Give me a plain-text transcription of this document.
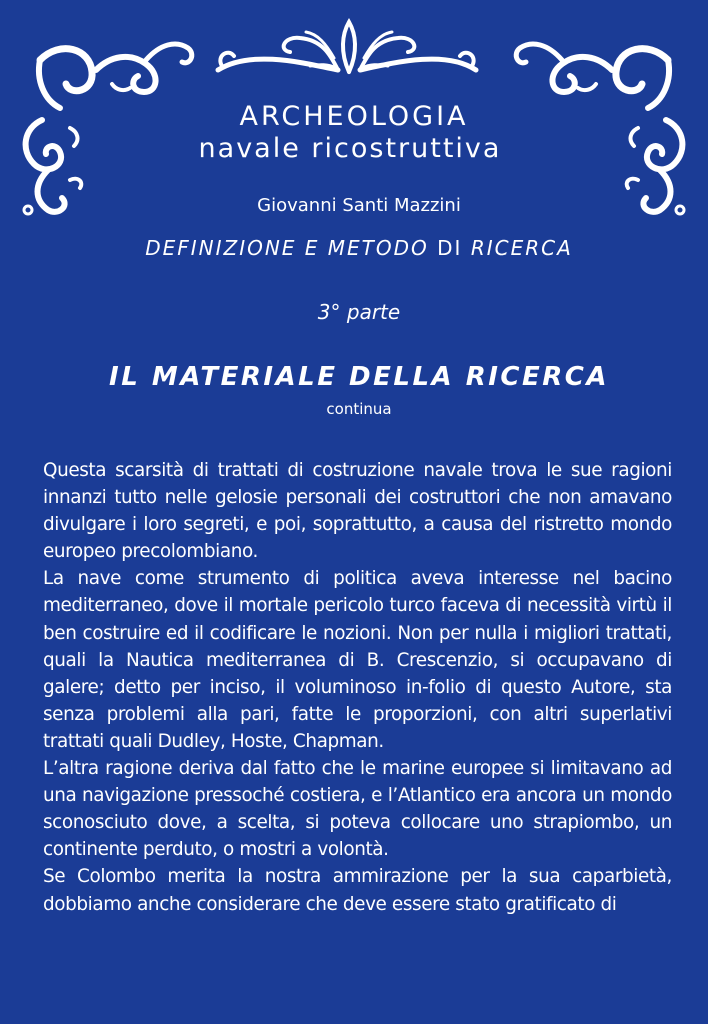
ARCHEOLOGIA
navale ricostruttiva
Giovanni Santi Mazzini
DEFINIZIONE E METODO DI RICERCA
3° parte
IL MATERIALE DELLA RICERCA
continua

Questa scarsità di trattati di costruzione navale trova le sue ragioni innanzi tutto nelle gelosie personali dei costruttori che non amavano divulgare i loro segreti, e poi, soprattutto, a causa del ristretto mondo europeo precolombiano.

La nave come strumento di politica aveva interesse nel bacino mediterraneo, dove il mortale pericolo turco faceva di necessità virtù il ben costruire ed il codificare le nozioni. Non per nulla i migliori trattati, quali la Nautica mediterranea di B. Crescenzio, si occupavano di galere; detto per inciso, il voluminoso in-folio di questo Autore, sta senza problemi alla pari, fatte le proporzioni, con altri superlativi trattati quali Dudley, Hoste, Chapman.

L’altra ragione deriva dal fatto che le marine europee si limitavano ad una navigazione pressoché costiera, e l’Atlantico era ancora un mondo sconosciuto dove, a scelta, si poteva collocare uno strapiombo, un continente perduto, o mostri a volontà.

Se Colombo merita la nostra ammirazione per la sua caparbietà, dobbiamo anche considerare che deve essere stato gratificato di
